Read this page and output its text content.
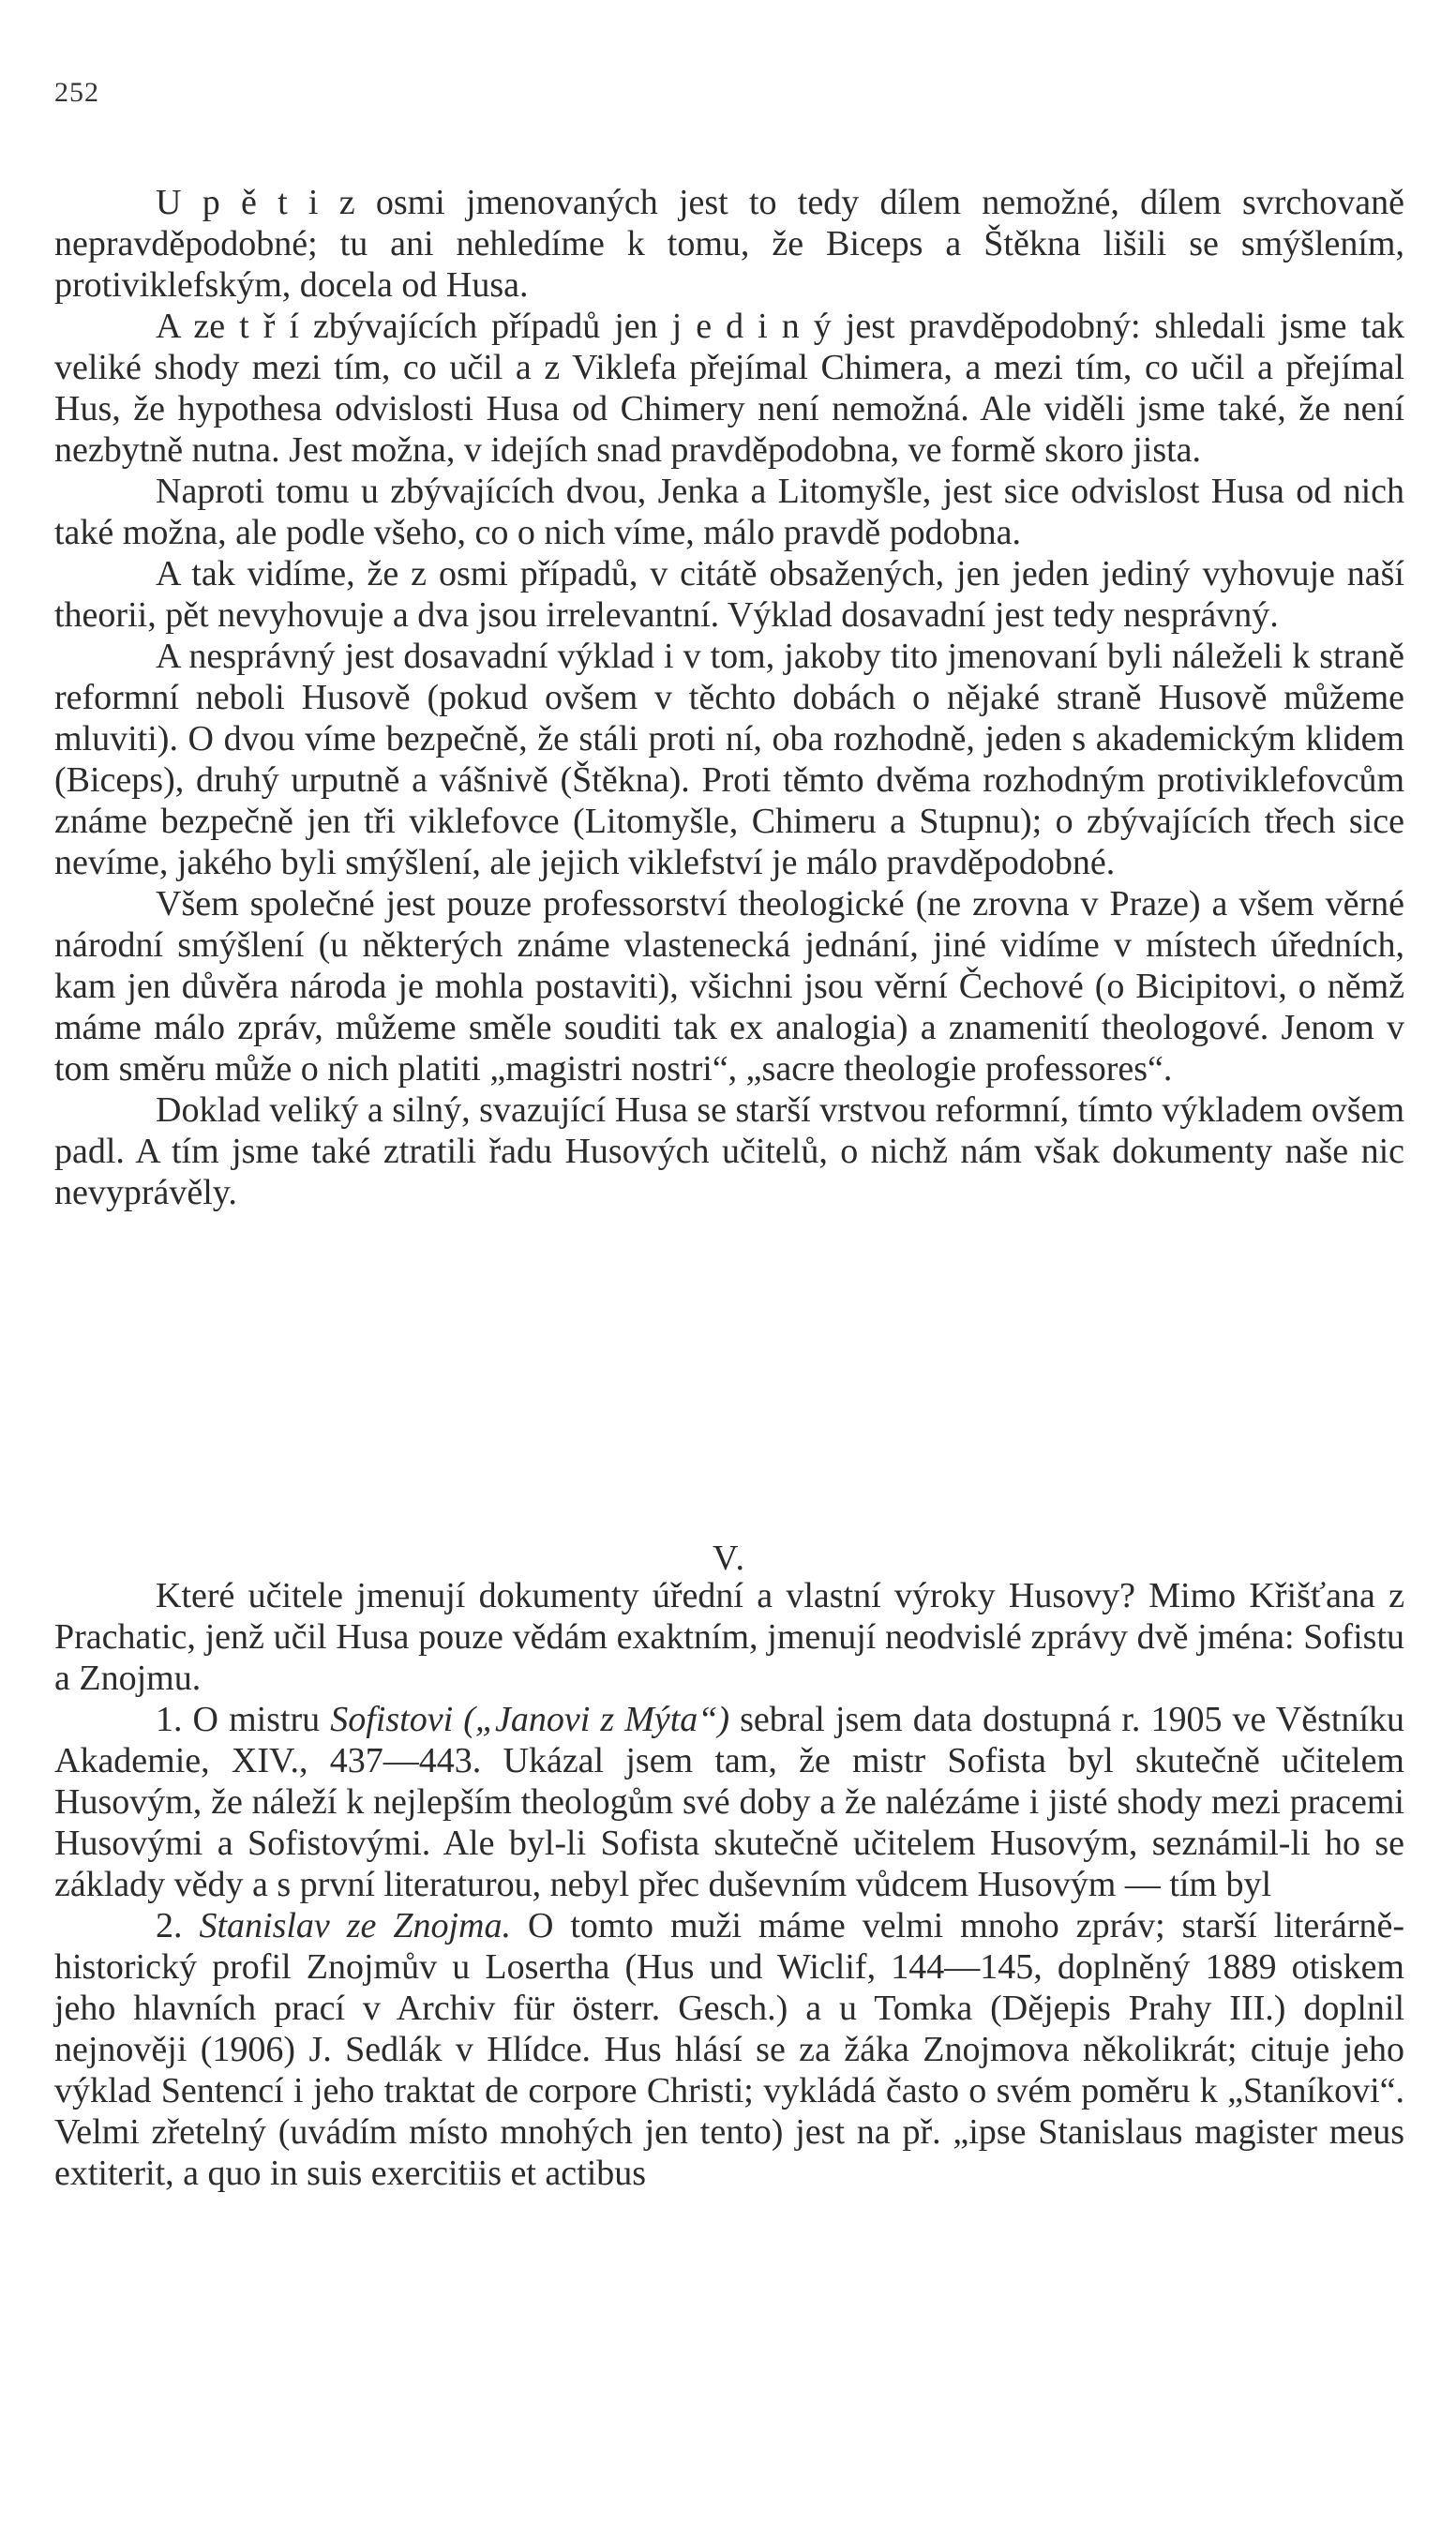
252

U p ě t i z osmi jmenovaných jest to tedy dílem nemožné, dílem svrchovaně nepravděpodobné; tu ani nehledíme k tomu, že Biceps a Štěkna lišili se smýšlením, protiviklefským, docela od Husa.

A ze t ř í zbývajících případů jen j e d i n ý jest pravděpodobný: shledali jsme tak veliké shody mezi tím, co učil a z Viklefa přejímal Chimera, a mezi tím, co učil a přejímal Hus, že hypothesa odvislosti Husa od Chimery není nemožná. Ale viděli jsme také, že není nezbytně nutna. Jest možna, v idejích snad pravděpodobna, ve formě skoro jista.

Naproti tomu u zbývajících dvou, Jenka a Litomyšle, jest sice odvislost Husa od nich také možna, ale podle všeho, co o nich víme, málo pravdě podobna.

A tak vidíme, že z osmi případů, v citátě obsažených, jen jeden jediný vyhovuje naší theorii, pět nevyhovuje a dva jsou irrelevantní. Výklad dosavadní jest tedy nesprávný.

A nesprávný jest dosavadní výklad i v tom, jakoby tito jmenovaní byli náleželi k straně reformní neboli Husově (pokud ovšem v těchto dobách o nějaké straně Husově můžeme mluviti). O dvou víme bezpečně, že stáli proti ní, oba rozhodně, jeden s akademickým klidem (Biceps), druhý urputně a vášnivě (Štěkna). Proti těmto dvěma rozhodným protiviklefovcům známe bezpečně jen tři viklefovce (Litomyšle, Chimeru a Stupnu); o zbývajících třech sice nevíme, jakého byli smýšlení, ale jejich viklefství je málo pravděpodobné.

Všem společné jest pouze professorství theologické (ne zrovna v Praze) a všem věrné národní smýšlení (u některých známe vlastenecká jednání, jiné vidíme v místech úředních, kam jen důvěra národa je mohla postaviti), všichni jsou věrní Čechové (o Bicipitovi, o němž máme málo zpráv, můžeme směle souditi tak ex analogia) a znamenití theologové. Jenom v tom směru může o nich platiti „magistri nostri“, „sacre theologie professores“.

Doklad veliký a silný, svazující Husa se starší vrstvou reformní, tímto výkladem ovšem padl. A tím jsme také ztratili řadu Husových učitelů, o nichž nám však dokumenty naše nic nevyprávěly.

V.

Které učitele jmenují dokumenty úřední a vlastní výroky Husovy? Mimo Křišťana z Prachatic, jenž učil Husa pouze vědám exaktním, jmenují neodvislé zprávy dvě jména: Sofistu a Znojmu.

1. O mistru Sofistovi („Janovi z Mýta“) sebral jsem data dostupná r. 1905 ve Věstníku Akademie, XIV., 437—443. Ukázal jsem tam, že mistr Sofista byl skutečně učitelem Husovým, že náleží k nejlepším theologům své doby a že nalézáme i jisté shody mezi pracemi Husovými a Sofistovými. Ale byl-li Sofista skutečně učitelem Husovým, seznámil-li ho se základy vědy a s první literaturou, nebyl přec duševním vůdcem Husovým — tím byl

2. Stanislav ze Znojma. O tomto muži máme velmi mnoho zpráv; starší literárně-historický profil Znojmův u Losertha (Hus und Wiclif, 144—145, doplněný 1889 otiskem jeho hlavních prací v Archiv für österr. Gesch.) a u Tomka (Dějepis Prahy III.) doplnil nejnověji (1906) J. Sedlák v Hlídce. Hus hlásí se za žáka Znojmova několikrát; cituje jeho výklad Sentencí i jeho traktat de corpore Christi; vykládá často o svém poměru k „Staníkovi“. Velmi zřetelný (uvádím místo mnohých jen tento) jest na př. „ipse Stanislaus magister meus extiterit, a quo in suis exercitiis et actibus
